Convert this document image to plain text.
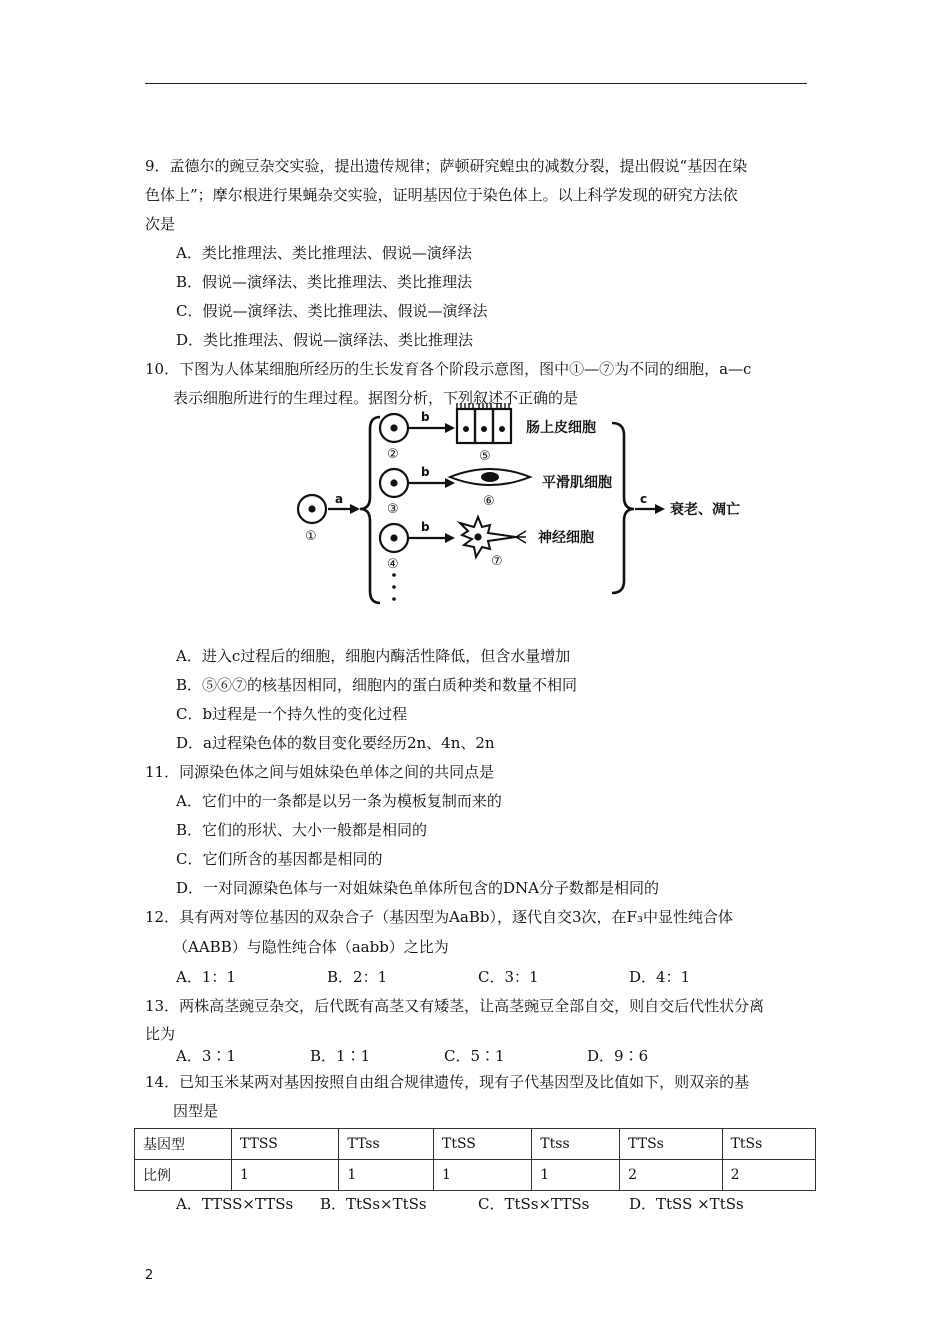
9．孟德尔的豌豆杂交实验，提出遗传规律；萨顿研究蝗虫的减数分裂，提出假说“基因在染
色体上”；摩尔根进行果蝇杂交实验，证明基因位于染色体上。以上科学发现的研究方法依
次是
A．类比推理法、类比推理法、假说—演绎法
B．假说—演绎法、类比推理法、类比推理法
C．假说—演绎法、类比推理法、假说—演绎法
D．类比推理法、假说—演绎法、类比推理法
10．下图为人体某细胞所经历的生长发育各个阶段示意图，图中①—⑦为不同的细胞，a—c
表示细胞所进行的生理过程。据图分析，下列叙述不正确的是
①
②
③
④
⑤
⑥
⑦
a
b
b
b
c
肠上皮细胞
平滑肌细胞
神经细胞
衰老、凋亡
A．进入c过程后的细胞，细胞内酶活性降低，但含水量增加
B．⑤⑥⑦的核基因相同，细胞内的蛋白质种类和数量不相同
C．b过程是一个持久性的变化过程
D．a过程染色体的数目变化要经历2n、4n、2n
11．同源染色体之间与姐妹染色单体之间的共同点是
A．它们中的一条都是以另一条为模板复制而来的
B．它们的形状、大小一般都是相同的
C．它们所含的基因都是相同的
D．一对同源染色体与一对姐妹染色单体所包含的DNA分子数都是相同的
12．具有两对等位基因的双杂合子（基因型为AaBb），逐代自交3次，在F₃中显性纯合体
（AABB）与隐性纯合体（aabb）之比为
A．1：1	B．2：1	C．3：1	D．4：1
13．两株高茎豌豆杂交，后代既有高茎又有矮茎，让高茎豌豆全部自交，则自交后代性状分离
比为
A．3∶1	B．1∶1	C．5∶1	D．9∶6
14．已知玉米某两对基因按照自由组合规律遗传，现有子代基因型及比值如下，则双亲的基
因型是
基因型	TTSS	TTss	TtSS	Ttss	TTSs	TtSs
比例	1	1	1	1	2	2
A．TTSS×TTSs B．TtSs×TtSs	C．TtSs×TTSs	D．TtSS ×TtSs
2
